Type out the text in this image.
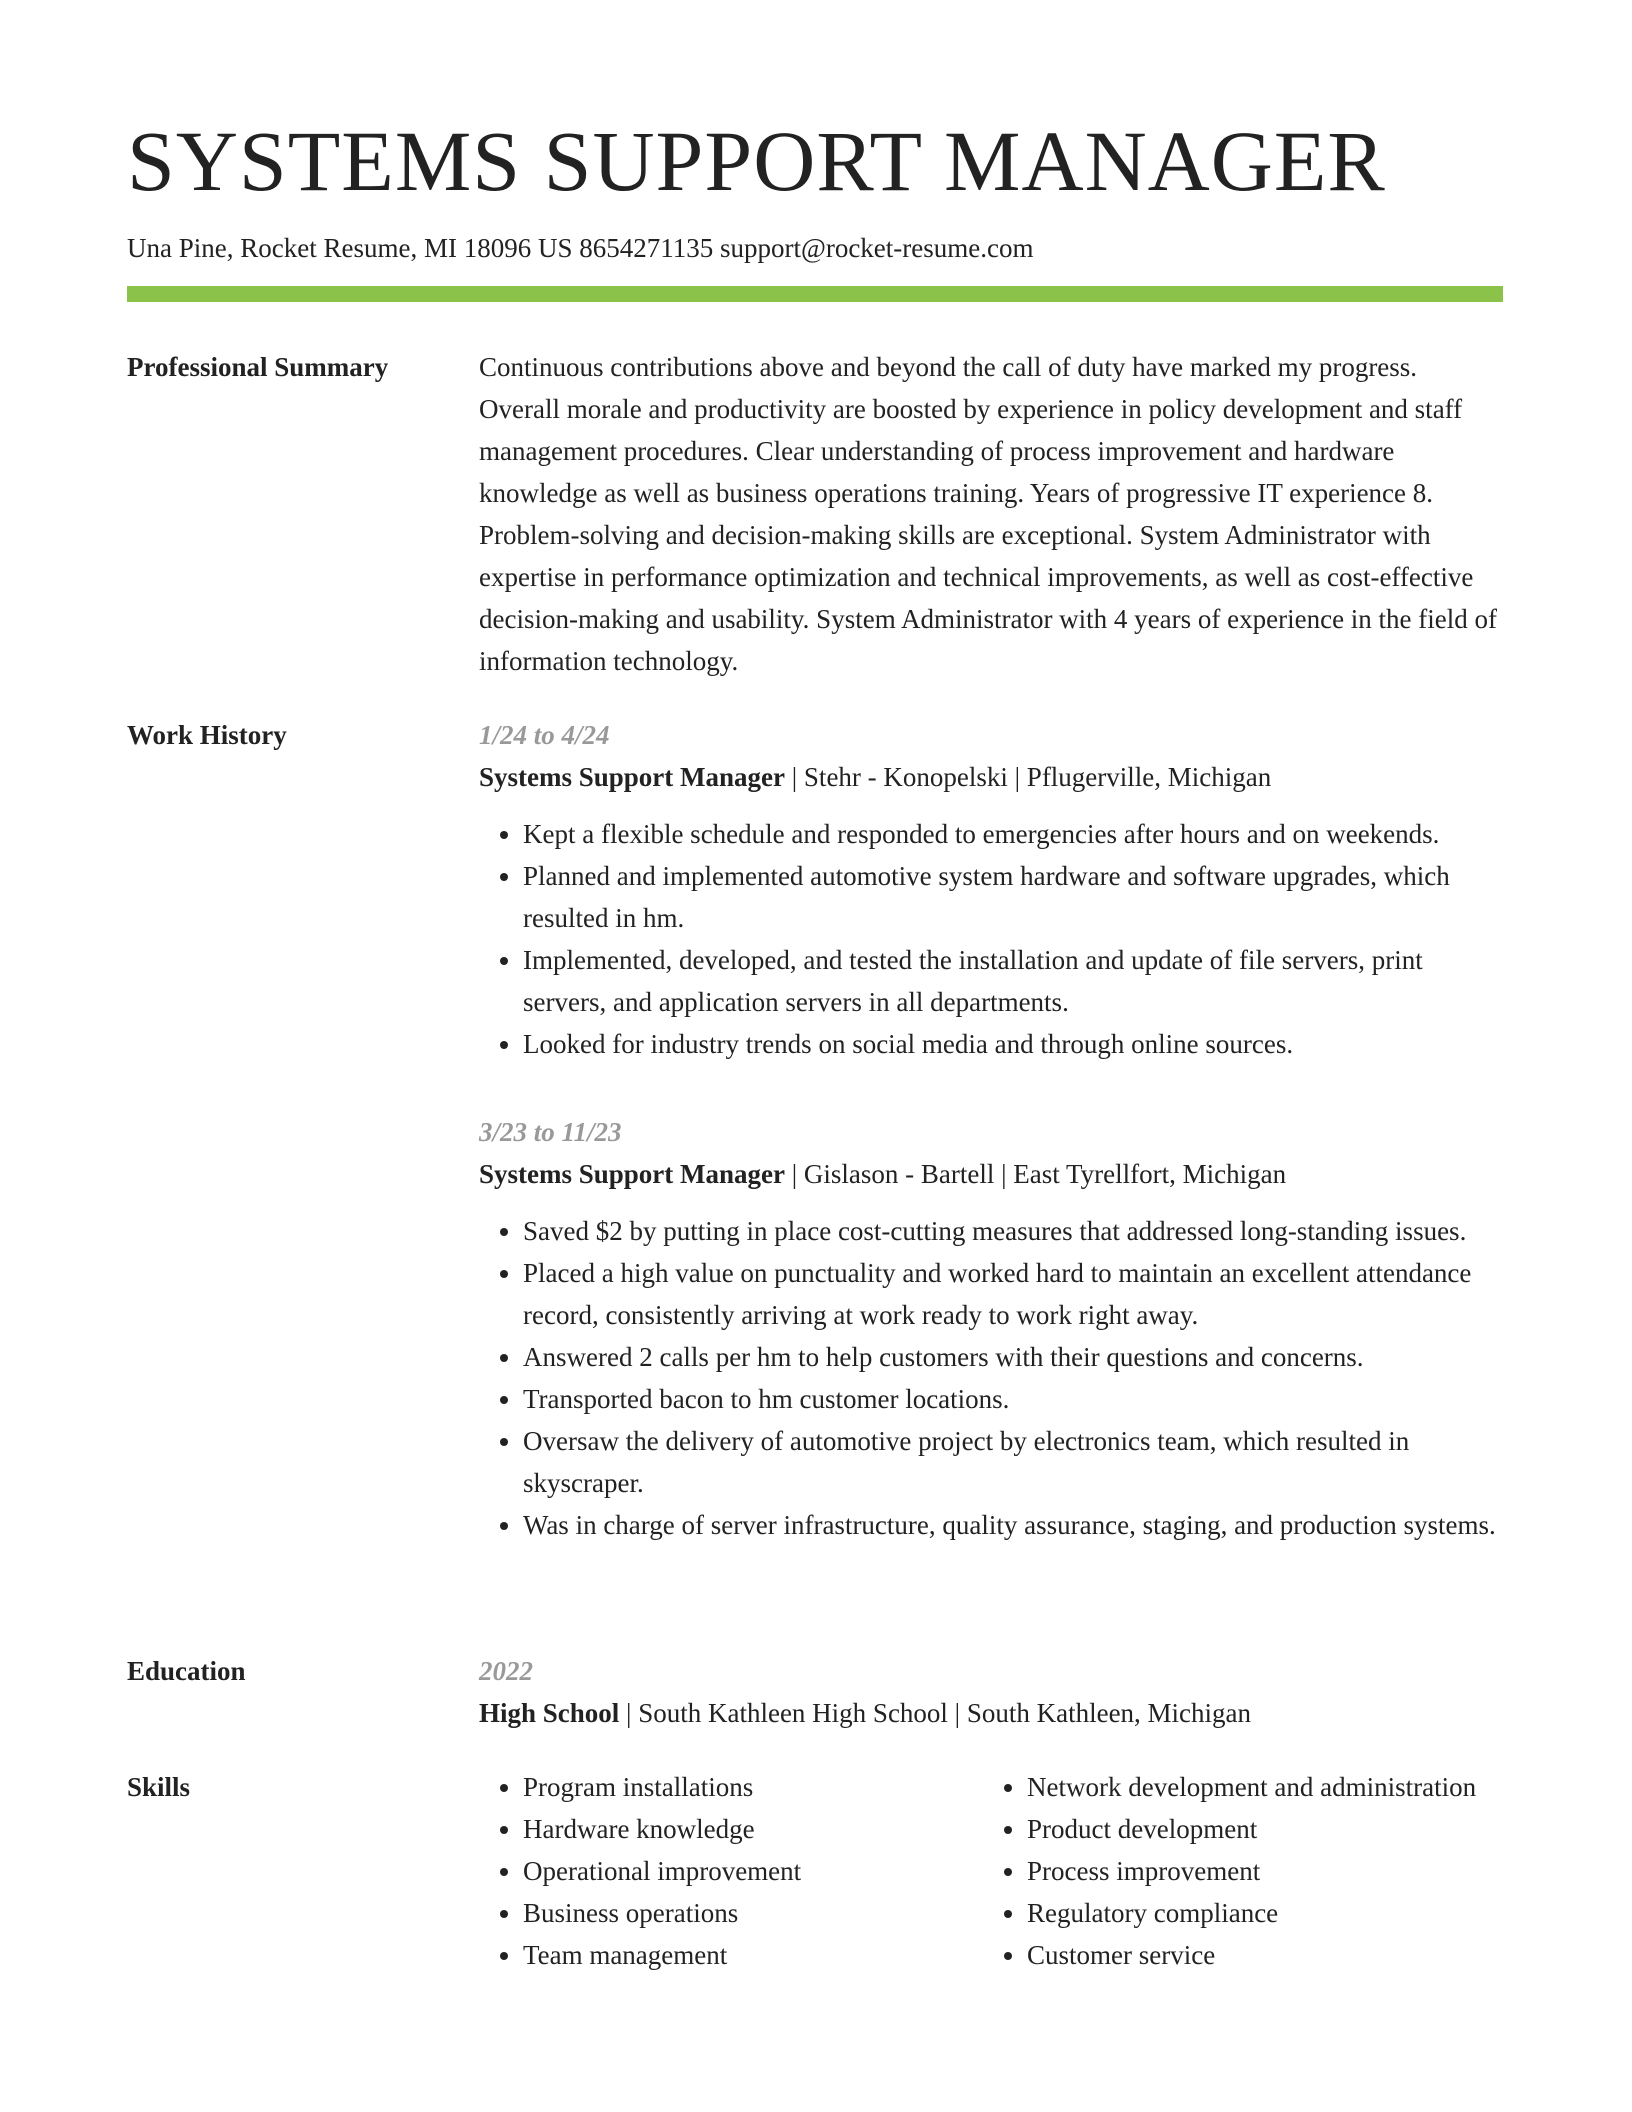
SYSTEMS SUPPORT MANAGER
Una Pine, Rocket Resume, MI 18096 US 8654271135 support@rocket-resume.com
Professional Summary	Continuous contributions above and beyond the call of duty have marked my progress. Overall morale and productivity are boosted by experience in policy development and staff management procedures. Clear understanding of process improvement and hardware knowledge as well as business operations training. Years of progressive IT experience 8. Problem-solving and decision-making skills are exceptional. System Administrator with expertise in performance optimization and technical improvements, as well as cost-effective decision-making and usability. System Administrator with 4 years of experience in the field of information technology.

Work History	1/24 to 4/24
Systems Support Manager | Stehr - Konopelski | Pflugerville, Michigan
• Kept a flexible schedule and responded to emergencies after hours and on weekends.
• Planned and implemented automotive system hardware and software upgrades, which resulted in hm.
• Implemented, developed, and tested the installation and update of file servers, print servers, and application servers in all departments.
• Looked for industry trends on social media and through online sources.
3/23 to 11/23
Systems Support Manager | Gislason - Bartell | East Tyrellfort, Michigan
• Saved $2 by putting in place cost-cutting measures that addressed long-standing issues.
• Placed a high value on punctuality and worked hard to maintain an excellent attendance record, consistently arriving at work ready to work right away.
• Answered 2 calls per hm to help customers with their questions and concerns.
• Transported bacon to hm customer locations.
• Oversaw the delivery of automotive project by electronics team, which resulted in skyscraper.
• Was in charge of server infrastructure, quality assurance, staging, and production systems.
Education	2022
High School | South Kathleen High School | South Kathleen, Michigan
Skills
•	Program installations
• Hardware knowledge
• Operational improvement
• Business operations
• Team management
• Network development and administration
• Product development
• Process improvement
• Regulatory compliance
• Customer service
